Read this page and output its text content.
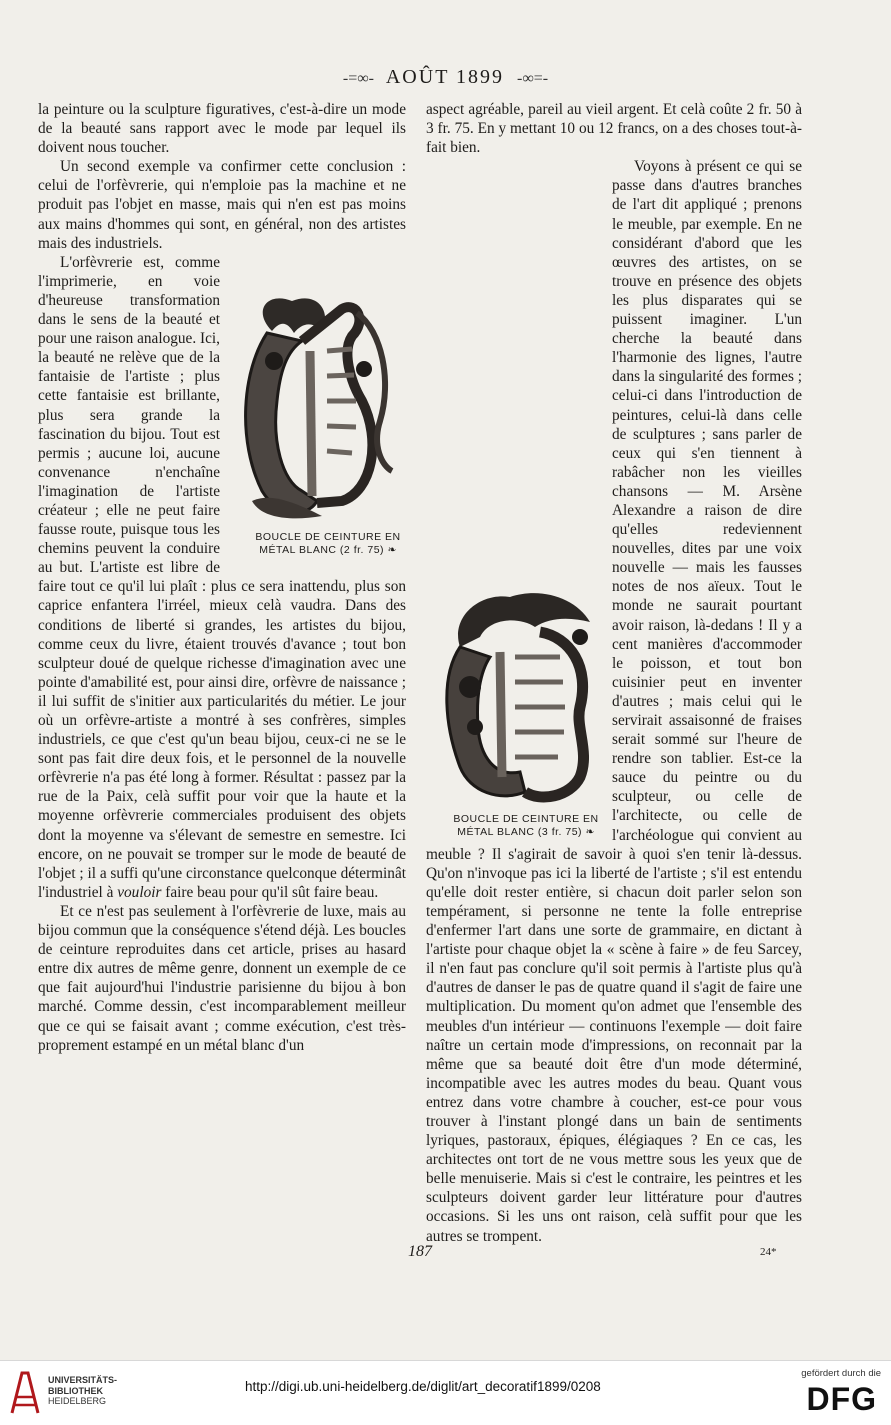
-=∞- AOÛT 1899 -∞=-

la peinture ou la sculpture figuratives, c'est-à-dire un mode de la beauté sans rapport avec le mode par lequel ils doivent nous toucher.

Un second exemple va confirmer cette conclusion : celui de l'orfèvrerie, qui n'emploie pas la machine et ne produit pas l'objet en masse, mais qui n'en est pas moins aux mains d'hommes qui sont, en général, non des artistes mais des industriels.

BOUCLE DE CEINTURE EN
MÉTAL BLANC (2 fr. 75) ❧
L'orfèvrerie est, comme l'imprimerie, en voie d'heureuse transformation dans le sens de la beauté et pour une raison analogue. Ici, la beauté ne relève que de la fantaisie de l'artiste ; plus cette fantaisie est brillante, plus sera grande la fascination du bijou. Tout est permis ; aucune loi, aucune convenance n'enchaîne l'imagination de l'artiste créateur ; elle ne peut faire fausse route, puisque tous les chemins peuvent la conduire au but. L'artiste est libre de faire tout ce qu'il lui plaît : plus ce sera inattendu, plus son caprice enfantera l'irréel, mieux celà vaudra. Dans des conditions de liberté si grandes, les artistes du bijou, comme ceux du livre, étaient trouvés d'avance ; tout bon sculpteur doué de quelque richesse d'imagination avec une pointe d'amabilité est, pour ainsi dire, orfèvre de naissance ; il lui suffit de s'initier aux particularités du métier. Le jour où un orfèvre-artiste a montré à ses confrères, simples industriels, ce que c'est qu'un beau bijou, ceux-ci ne se le sont pas fait dire deux fois, et le personnel de la nouvelle orfèvrerie n'a pas été long à former. Résultat : passez par la rue de la Paix, celà suffit pour voir que la haute et la moyenne orfèvrerie commerciales produisent des objets dont la moyenne va s'élevant de semestre en semestre. Ici encore, on ne pouvait se tromper sur le mode de beauté de l'objet ; il a suffi qu'une circonstance quelconque déterminât l'industriel à vouloir faire beau pour qu'il sût faire beau.

Et ce n'est pas seulement à l'orfèvrerie de luxe, mais au bijou commun que la conséquence s'étend déjà. Les boucles de ceinture reproduites dans cet article, prises au hasard entre dix autres de même genre, donnent un exemple de ce que fait aujourd'hui l'industrie parisienne du bijou à bon marché. Comme dessin, c'est incomparablement meilleur que ce qui se faisait avant ; comme exécution, c'est très-proprement estampé en un métal blanc d'un

aspect agréable, pareil au vieil argent. Et celà coûte 2 fr. 50 à 3 fr. 75. En y mettant 10 ou 12 francs, on a des choses tout-à-fait bien.

BOUCLE DE CEINTURE EN
MÉTAL BLANC (3 fr. 75) ❧
Voyons à présent ce qui se passe dans d'autres branches de l'art dit appliqué ; prenons le meuble, par exemple. En ne considérant d'abord que les œuvres des artistes, on se trouve en présence des objets les plus disparates qui se puissent imaginer. L'un cherche la beauté dans l'harmonie des lignes, l'autre dans la singularité des formes ; celui-ci dans l'introduction de peintures, celui-là dans celle de sculptures ; sans parler de ceux qui s'en tiennent à rabâcher non les vieilles chansons — M. Arsène Alexandre a raison de dire qu'elles redeviennent nouvelles, dites par une voix nouvelle — mais les fausses notes de nos aïeux. Tout le monde ne saurait pourtant avoir raison, là-dedans ! Il y a cent manières d'accommoder le poisson, et tout bon cuisinier peut en inventer d'autres ; mais celui qui le servirait assaisonné de fraises serait sommé sur l'heure de rendre son tablier. Est-ce la sauce du peintre ou du sculpteur, ou celle de l'architecte, ou celle de l'archéologue qui convient au meuble ? Il s'agirait de savoir à quoi s'en tenir là-dessus. Qu'on n'invoque pas ici la liberté de l'artiste ; s'il est entendu qu'elle doit rester entière, si chacun doit parler selon son tempérament, si personne ne tente la folle entreprise d'enfermer l'art dans une sorte de grammaire, en dictant à l'artiste pour chaque objet la « scène à faire » de feu Sarcey, il n'en faut pas conclure qu'il soit permis à l'artiste plus qu'à d'autres de danser le pas de quatre quand il s'agit de faire une multiplication. Du moment qu'on admet que l'ensemble des meubles d'un intérieur — continuons l'exemple — doit faire naître un certain mode d'impressions, on reconnait par la même que sa beauté doit être d'un mode déterminé, incompatible avec les autres modes du beau. Quant vous entrez dans votre chambre à coucher, est-ce pour vous trouver à l'instant plongé dans un bain de sentiments lyriques, pastoraux, épiques, élégiaques ? En ce cas, les architectes ont tort de ne vous mettre sous les yeux que de belle menuiserie. Mais si c'est le contraire, les peintres et les sculpteurs doivent garder leur littérature pour d'autres occasions. Si les uns ont raison, celà suffit pour que les autres se trompent.

187	24*
UNIVERSITÄTS-
BIBLIOTHEK
HEIDELBERG
http://digi.ub.uni-heidelberg.de/diglit/art_decoratif1899/0208
gefördert durch die
DFG
